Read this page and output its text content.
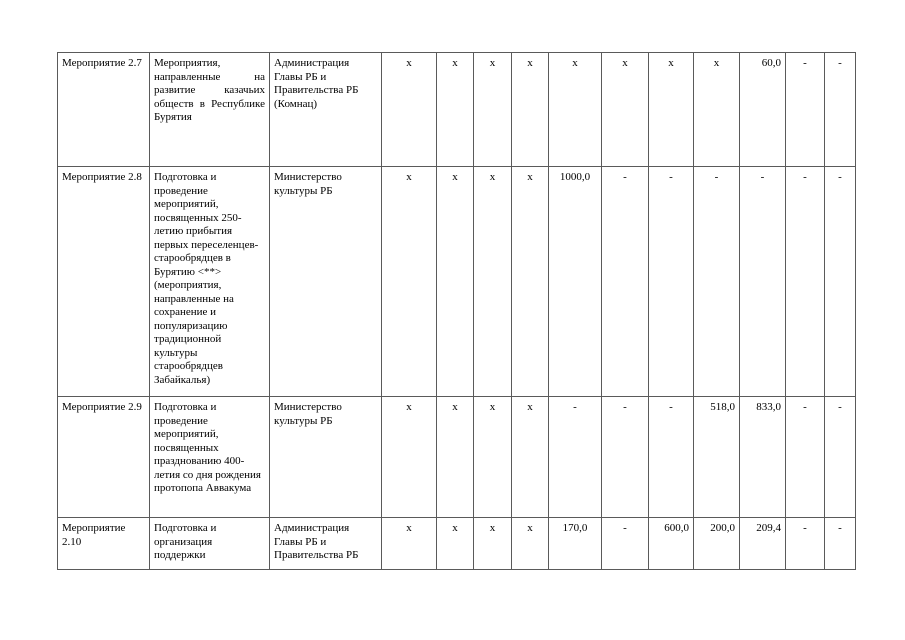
Мероприятие 2.7	Мероприятия, направленные на развитие казачьих обществ в Республике Бурятия	Администрация Главы РБ и Правительства РБ (Комнац)	x	x	x	x	x	x	x	x	60,0	-	-
Мероприятие 2.8	Подготовка и проведение мероприятий, посвященных 250-летию прибытия первых переселенцев-старообрядцев в Бурятию <**> (мероприятия, направленные на сохранение и популяризацию традиционной культуры старообрядцев Забайкалья)	Министерство культуры РБ	x	x	x	x	1000,0	-	-	-	-	-	-
Мероприятие 2.9	Подготовка и проведение мероприятий, посвященных празднованию 400-летия со дня рождения протопопа Аввакума	Министерство культуры РБ	x	x	x	x	-	-	-	518,0	833,0	-	-
Мероприятие 2.10	Подготовка и организация поддержки	Администрация Главы РБ и Правительства РБ	x	x	x	x	170,0	-	600,0	200,0	209,4	-	-
